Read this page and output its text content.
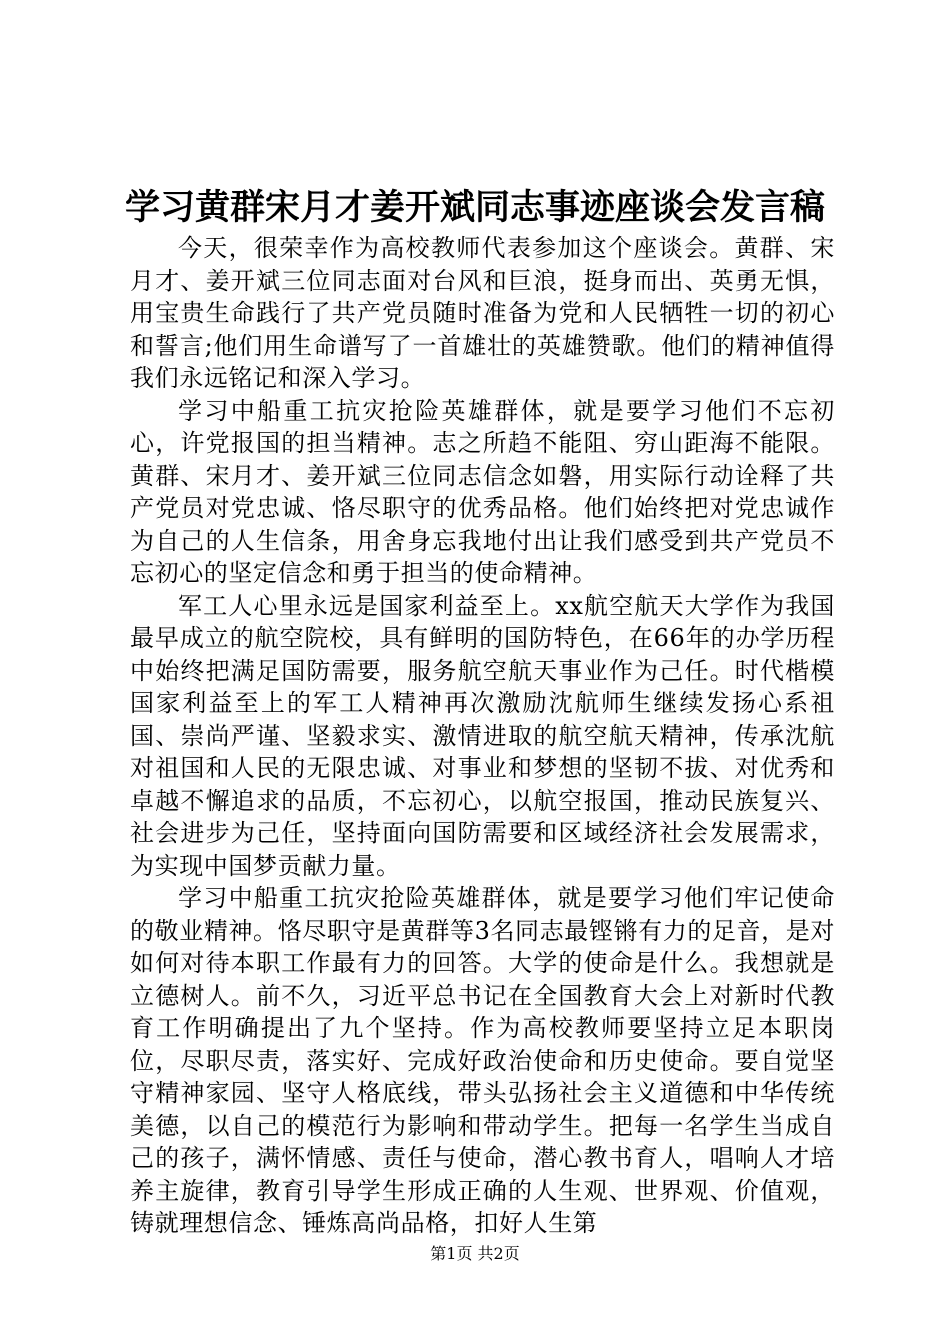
学习黄群宋月才姜开斌同志事迹座谈会发言稿

今天，很荣幸作为高校教师代表参加这个座谈会。黄群、宋月才、姜开斌三位同志面对台风和巨浪，挺身而出、英勇无惧，用宝贵生命践行了共产党员随时准备为党和人民牺牲一切的初心和誓言;他们用生命谱写了一首雄壮的英雄赞歌。他们的精神值得我们永远铭记和深入学习。

学习中船重工抗灾抢险英雄群体，就是要学习他们不忘初心，许党报国的担当精神。志之所趋不能阻、穷山距海不能限。黄群、宋月才、姜开斌三位同志信念如磐，用实际行动诠释了共产党员对党忠诚、恪尽职守的优秀品格。他们始终把对党忠诚作为自己的人生信条，用舍身忘我地付出让我们感受到共产党员不忘初心的坚定信念和勇于担当的使命精神。

军工人心里永远是国家利益至上。xx航空航天大学作为我国最早成立的航空院校，具有鲜明的国防特色，在66年的办学历程中始终把满足国防需要，服务航空航天事业作为己任。时代楷模国家利益至上的军工人精神再次激励沈航师生继续发扬心系祖国、崇尚严谨、坚毅求实、激情进取的航空航天精神，传承沈航对祖国和人民的无限忠诚、对事业和梦想的坚韧不拔、对优秀和卓越不懈追求的品质，不忘初心，以航空报国，推动民族复兴、社会进步为己任，坚持面向国防需要和区域经济社会发展需求，为实现中国梦贡献力量。

学习中船重工抗灾抢险英雄群体，就是要学习他们牢记使命的敬业精神。恪尽职守是黄群等3名同志最铿锵有力的足音，是对如何对待本职工作最有力的回答。大学的使命是什么。我想就是立德树人。前不久，习近平总书记在全国教育大会上对新时代教育工作明确提出了九个坚持。作为高校教师要坚持立足本职岗位，尽职尽责，落实好、完成好政治使命和历史使命。要自觉坚守精神家园、坚守人格底线，带头弘扬社会主义道德和中华传统美德，以自己的模范行为影响和带动学生。把每一名学生当成自己的孩子，满怀情感、责任与使命，潜心教书育人，唱响人才培养主旋律，教育引导学生形成正确的人生观、世界观、价值观，铸就理想信念、锤炼高尚品格，扣好人生第

第1页 共2页
